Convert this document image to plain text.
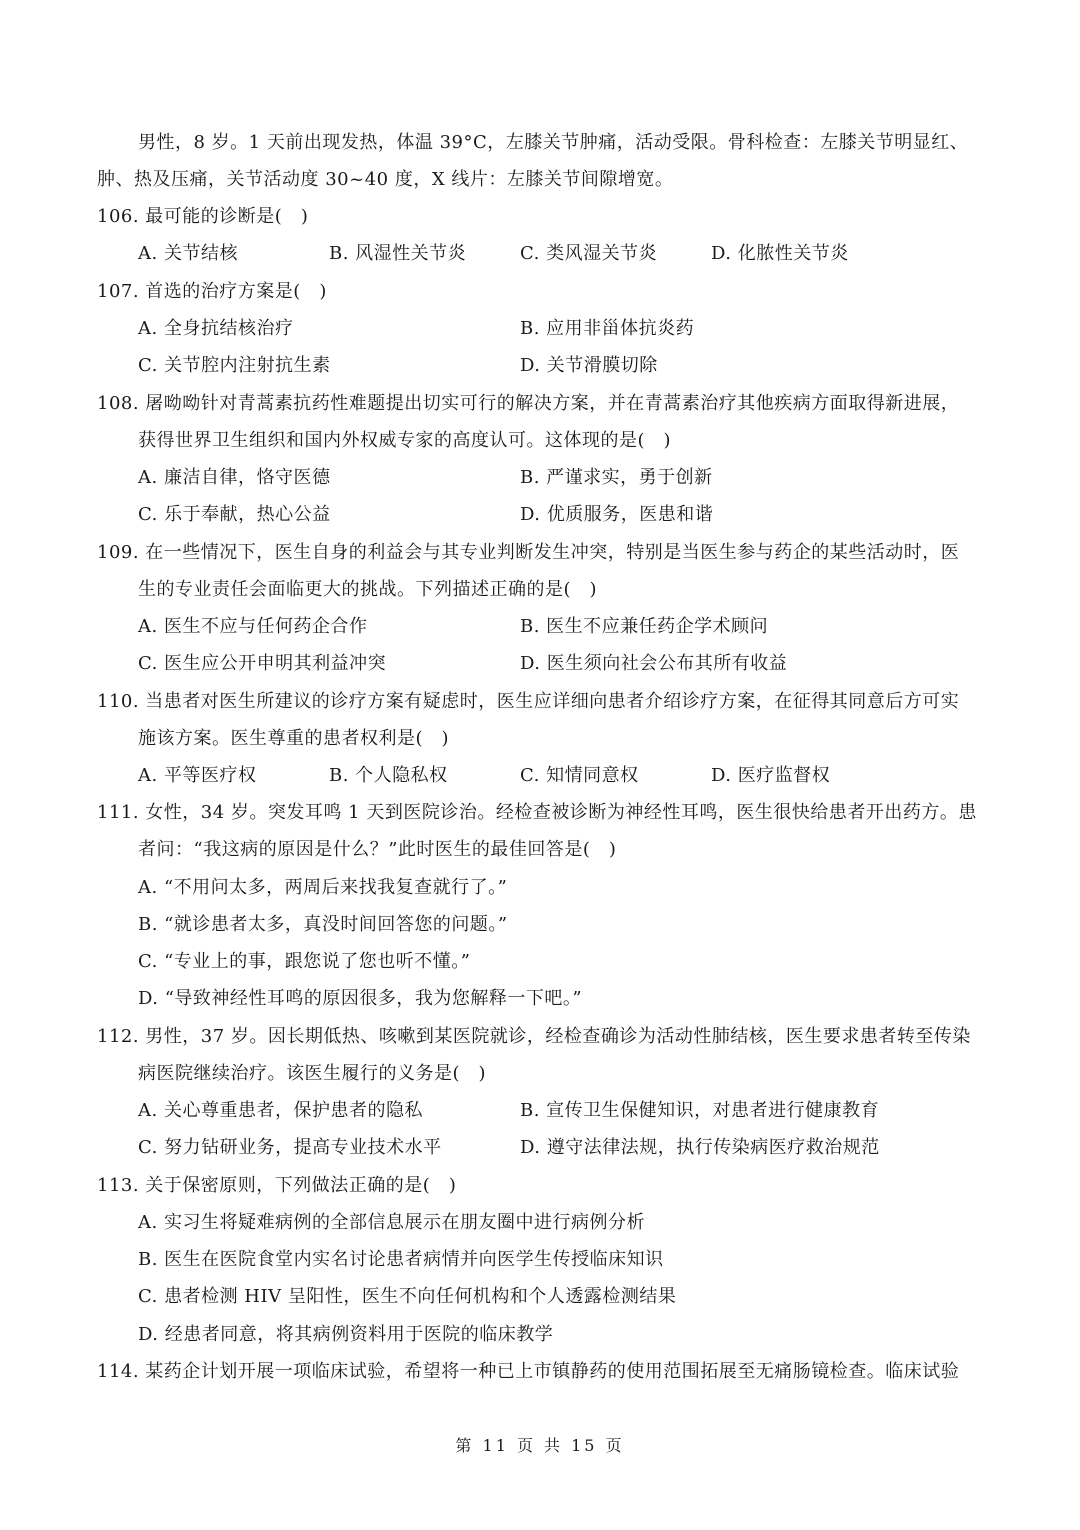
男性，8 岁。1 天前出现发热，体温 39°C，左膝关节肿痛，活动受限。骨科检查：左膝关节明显红、
肿、热及压痛，关节活动度 30~40 度，X 线片：左膝关节间隙增宽。
106. 最可能的诊断是(　)
A. 关节结核	B. 风湿性关节炎	C. 类风湿关节炎	D. 化脓性关节炎
107. 首选的治疗方案是(　)
A. 全身抗结核治疗	B. 应用非甾体抗炎药
C. 关节腔内注射抗生素	D. 关节滑膜切除
108. 屠呦呦针对青蒿素抗药性难题提出切实可行的解决方案，并在青蒿素治疗其他疾病方面取得新进展，
获得世界卫生组织和国内外权威专家的高度认可。这体现的是(　)
A. 廉洁自律，恪守医德	B. 严谨求实，勇于创新
C. 乐于奉献，热心公益	D. 优质服务，医患和谐
109. 在一些情况下，医生自身的利益会与其专业判断发生冲突，特别是当医生参与药企的某些活动时，医
生的专业责任会面临更大的挑战。下列描述正确的是(　)
A. 医生不应与任何药企合作	B. 医生不应兼任药企学术顾问
C. 医生应公开申明其利益冲突	D. 医生须向社会公布其所有收益
110. 当患者对医生所建议的诊疗方案有疑虑时，医生应详细向患者介绍诊疗方案，在征得其同意后方可实
施该方案。医生尊重的患者权利是(　)
A. 平等医疗权	B. 个人隐私权	C. 知情同意权	D. 医疗监督权
111. 女性，34 岁。突发耳鸣 1 天到医院诊治。经检查被诊断为神经性耳鸣，医生很快给患者开出药方。患
者问：“我这病的原因是什么？”此时医生的最佳回答是(　)
A. “不用问太多，两周后来找我复查就行了。”
B. “就诊患者太多，真没时间回答您的问题。”
C. “专业上的事，跟您说了您也听不懂。”
D. “导致神经性耳鸣的原因很多，我为您解释一下吧。”
112. 男性，37 岁。因长期低热、咳嗽到某医院就诊，经检查确诊为活动性肺结核，医生要求患者转至传染
病医院继续治疗。该医生履行的义务是(　)
A. 关心尊重患者，保护患者的隐私	B. 宣传卫生保健知识，对患者进行健康教育
C. 努力钻研业务，提高专业技术水平	D. 遵守法律法规，执行传染病医疗救治规范
113. 关于保密原则，下列做法正确的是(　)
A. 实习生将疑难病例的全部信息展示在朋友圈中进行病例分析
B. 医生在医院食堂内实名讨论患者病情并向医学生传授临床知识
C. 患者检测 HIV 呈阳性，医生不向任何机构和个人透露检测结果
D. 经患者同意，将其病例资料用于医院的临床教学
114. 某药企计划开展一项临床试验，希望将一种已上市镇静药的使用范围拓展至无痛肠镜检查。临床试验
第 11 页 共 15 页
